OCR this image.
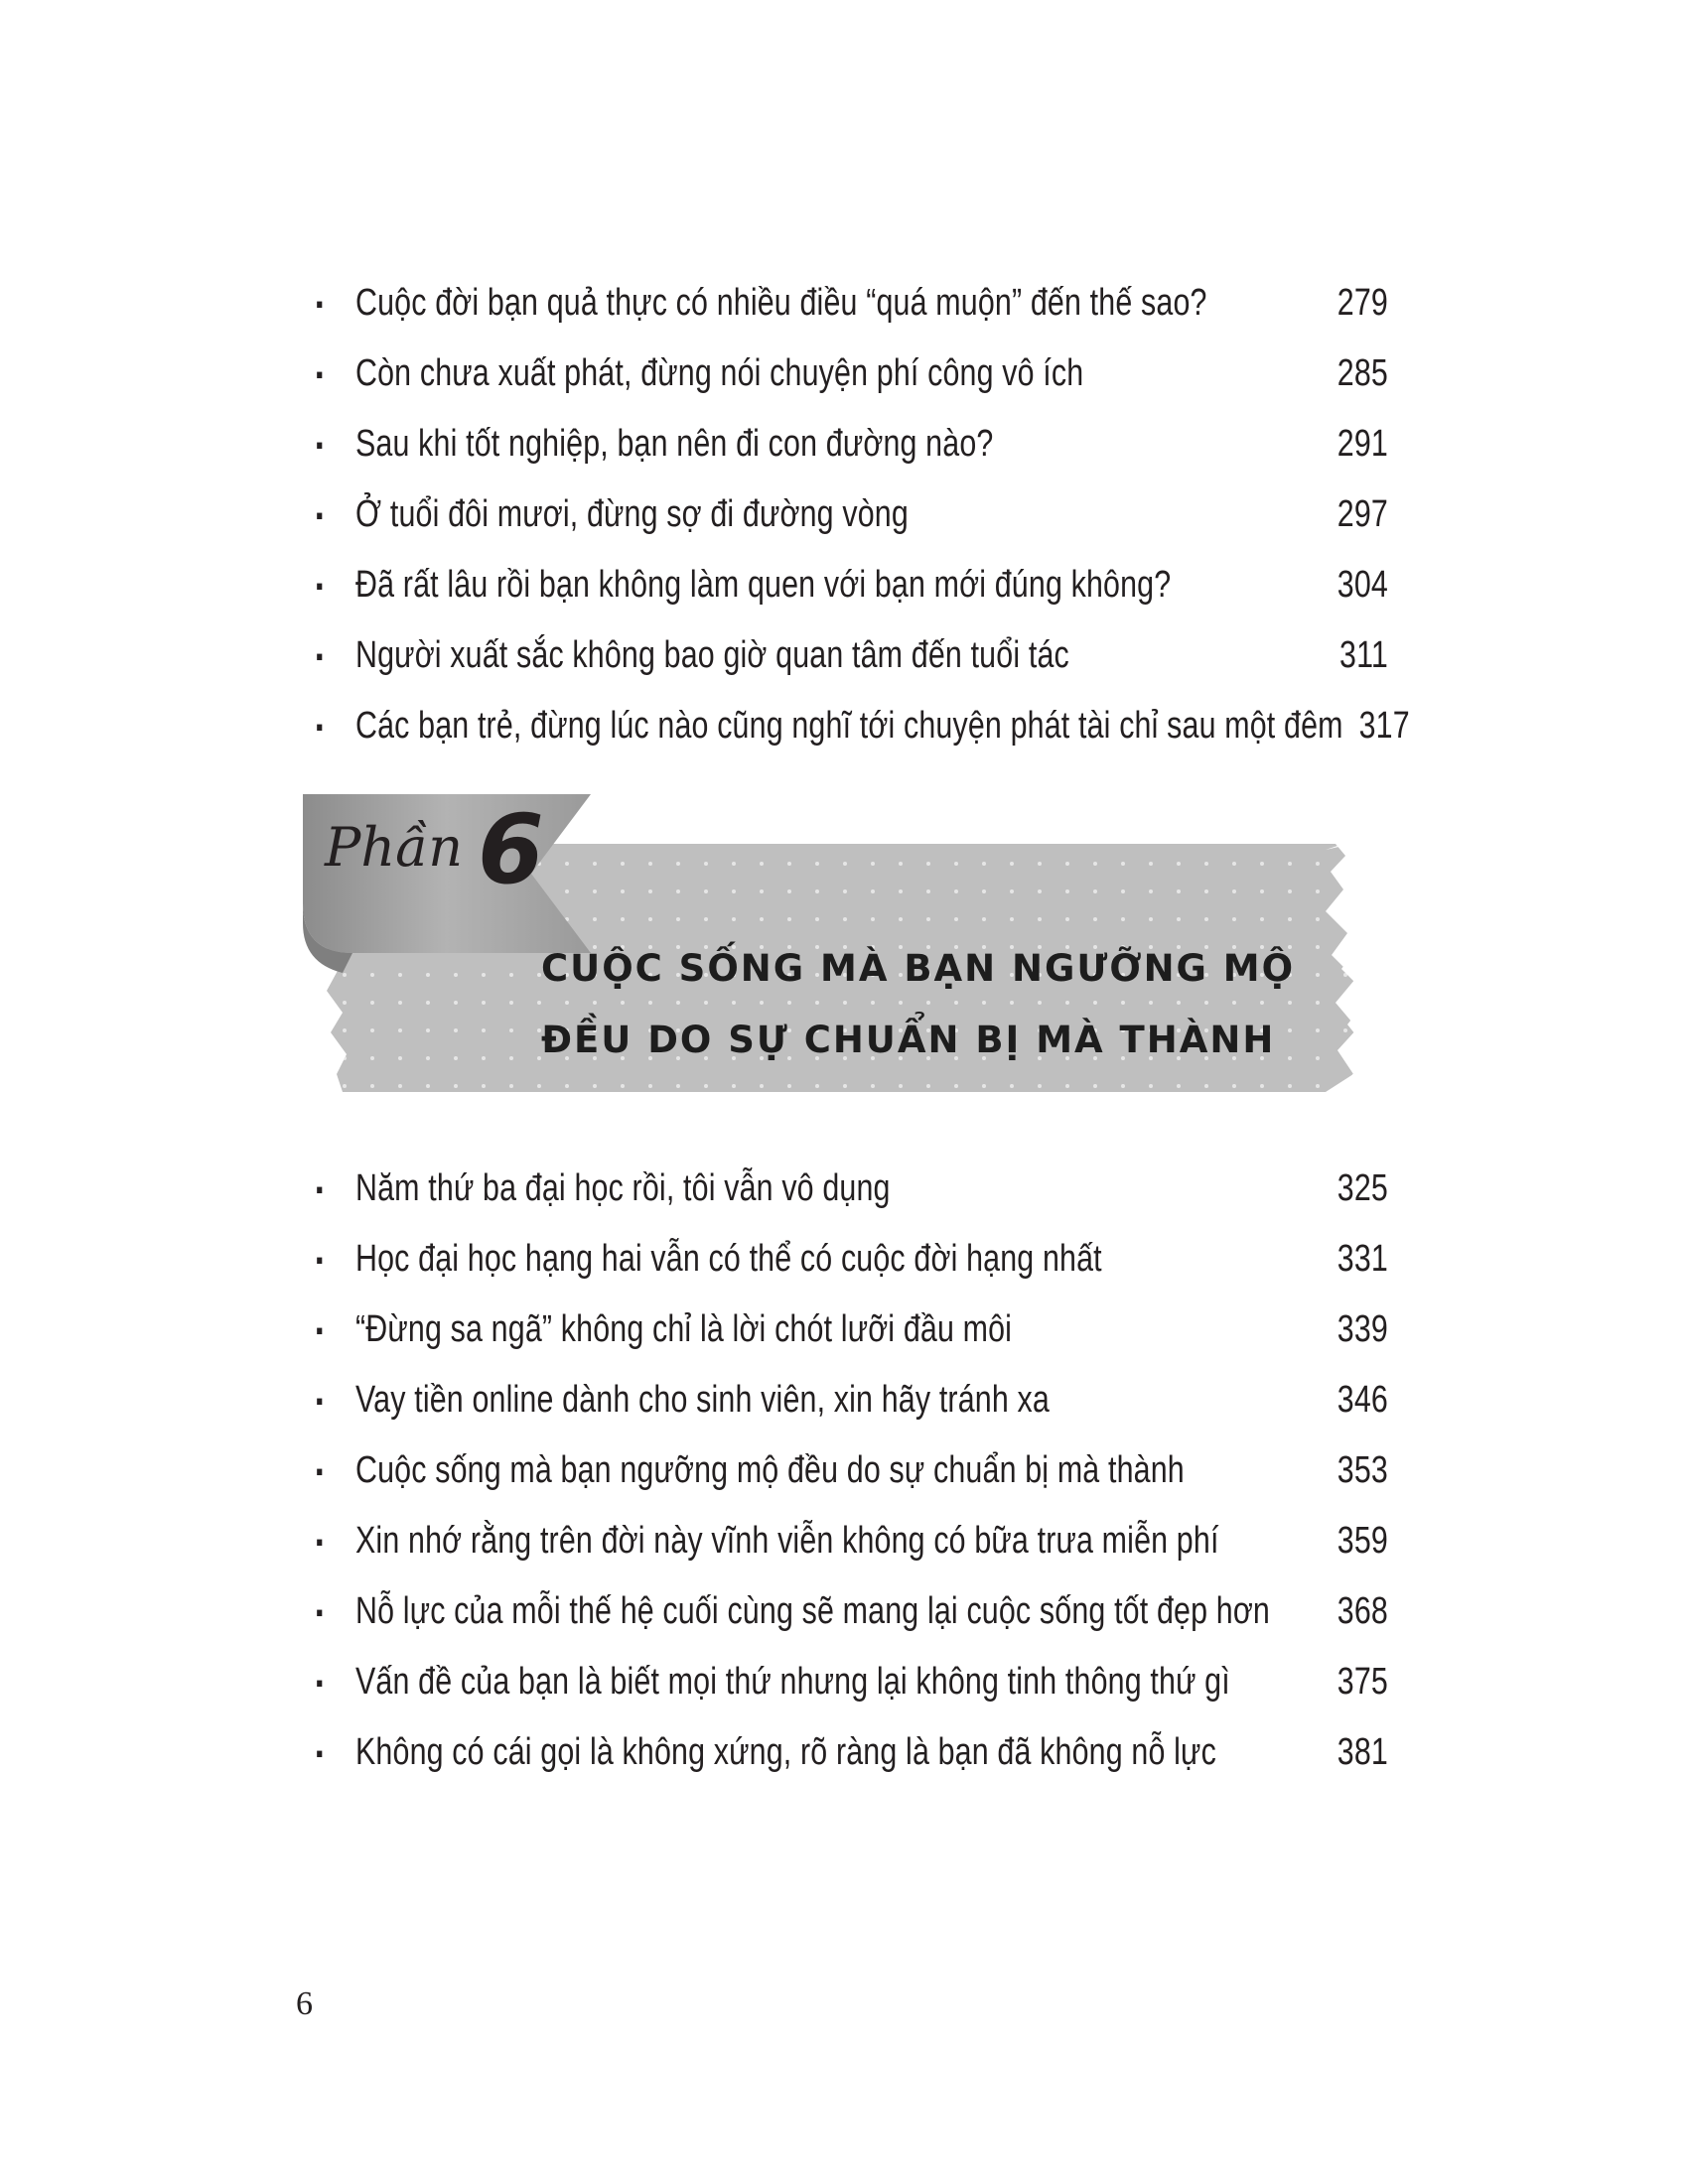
▪ Cuộc đời bạn quả thực có nhiều điều “quá muộn” đến thế sao?	279
▪ Còn chưa xuất phát, đừng nói chuyện phí công vô ích	285
▪ Sau khi tốt nghiệp, bạn nên đi con đường nào?	291
▪ Ở tuổi đôi mươi, đừng sợ đi đường vòng	297
▪ Đã rất lâu rồi bạn không làm quen với bạn mới đúng không?	304
▪ Người xuất sắc không bao giờ quan tâm đến tuổi tác	311
▪ Các bạn trẻ, đừng lúc nào cũng nghĩ tới chuyện phát tài chỉ sau một đêm 317
Phần 6
CUỘC SỐNG MÀ BẠN NGƯỠNG MỘ
ĐỀU DO SỰ CHUẨN BỊ MÀ THÀNH
▪ Năm thứ ba đại học rồi, tôi vẫn vô dụng	325
▪ Học đại học hạng hai vẫn có thể có cuộc đời hạng nhất	331
▪ “Đừng sa ngã” không chỉ là lời chót lưỡi đầu môi	339
▪ Vay tiền online dành cho sinh viên, xin hãy tránh xa	346
▪ Cuộc sống mà bạn ngưỡng mộ đều do sự chuẩn bị mà thành	353
▪ Xin nhớ rằng trên đời này vĩnh viễn không có bữa trưa miễn phí	359
▪ Nỗ lực của mỗi thế hệ cuối cùng sẽ mang lại cuộc sống tốt đẹp hơn	368
▪ Vấn đề của bạn là biết mọi thứ nhưng lại không tinh thông thứ gì	375
▪ Không có cái gọi là không xứng, rõ ràng là bạn đã không nỗ lực	381
6
